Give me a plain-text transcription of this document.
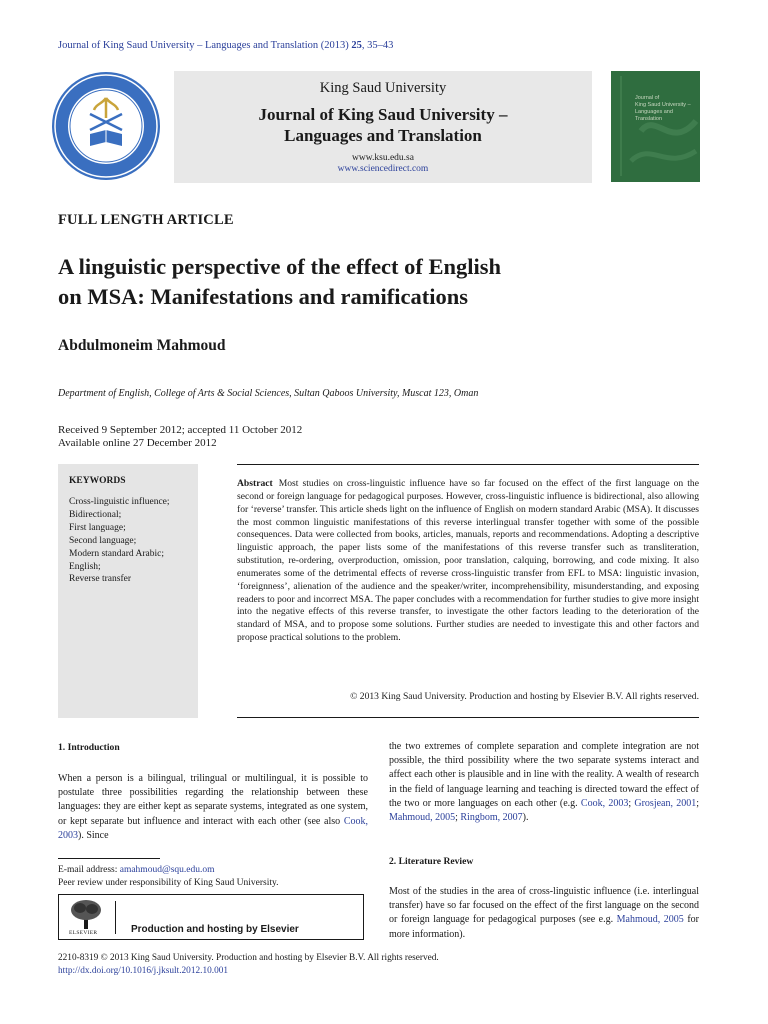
Journal of King Saud University – Languages and Translation (2013) 25, 35–43
King Saud University
Journal of King Saud University –
Languages and Translation
www.ksu.edu.sa
www.sciencedirect.com
Journal of
King Saud University –
Languages and
Translation
FULL LENGTH ARTICLE
A linguistic perspective of the effect of English
on MSA: Manifestations and ramifications
Abdulmoneim Mahmoud
Department of English, College of Arts & Social Sciences, Sultan Qaboos University, Muscat 123, Oman
Received 9 September 2012; accepted 11 October 2012
Available online 27 December 2012
KEYWORDS
Cross-linguistic influence;
Bidirectional;
First language;
Second language;
Modern standard Arabic;
English;
Reverse transfer
Abstract Most studies on cross-linguistic influence have so far focused on the effect of the first language on the second or foreign language for pedagogical purposes. However, cross-linguistic influence is bidirectional, also allowing for ‘reverse’ transfer. This article sheds light on the influence of English on modern standard Arabic (MSA). It discusses the most common linguistic manifestations of this reverse interlingual transfer together with some of the possible consequences. Data were collected from books, articles, manuals, reports and recommendations. Adopting a descriptive linguistic approach, the paper lists some of the manifestations of this reverse transfer such as transliteration, substitution, re-ordering, overproduction, omission, poor translation, calquing, borrowing, and code mixing. It also enumerates some of the detrimental effects of reverse cross-linguistic transfer from EFL to MSA: linguistic invasion, ‘foreignness’, alienation of the audience and the speaker/writer, incomprehensibility, misunderstanding, and exposing readers to poor and incorrect MSA. The paper concludes with a recommendation for further studies to give more insight into the negative effects of this reverse transfer, to investigate the other factors leading to the deterioration of the standard of MSA, and to propose some solutions. Further studies are needed to investigate this and other factors and propose practical solutions to the problem.
© 2013 King Saud University. Production and hosting by Elsevier B.V. All rights reserved.
1. Introduction
When a person is a bilingual, trilingual or multilingual, it is possible to postulate three possibilities regarding the relationship between these languages: they are either kept as separate systems, integrated as one system, or kept separate but influence and interact with each other (see also Cook, 2003). Since
the two extremes of complete separation and complete integration are not possible, the third possibility where the two separate systems interact and affect each other is plausible and in line with the reality. A wealth of research in the field of language learning and teaching is directed toward the effect of the two or more languages on each other (e.g. Cook, 2003; Grosjean, 2001; Mahmoud, 2005; Ringbom, 2007).
2. Literature Review
Most of the studies in the area of cross-linguistic influence (i.e. interlingual transfer) have so far focused on the effect of the first language on the second or foreign language for pedagogical purposes (see e.g. Mahmoud, 2005 for more information).
E-mail address: amahmoud@squ.edu.om
Peer review under responsibility of King Saud University.
ELSEVIER	Production and hosting by Elsevier
2210-8319 © 2013 King Saud University. Production and hosting by Elsevier B.V. All rights reserved.
http://dx.doi.org/10.1016/j.jksult.2012.10.001
